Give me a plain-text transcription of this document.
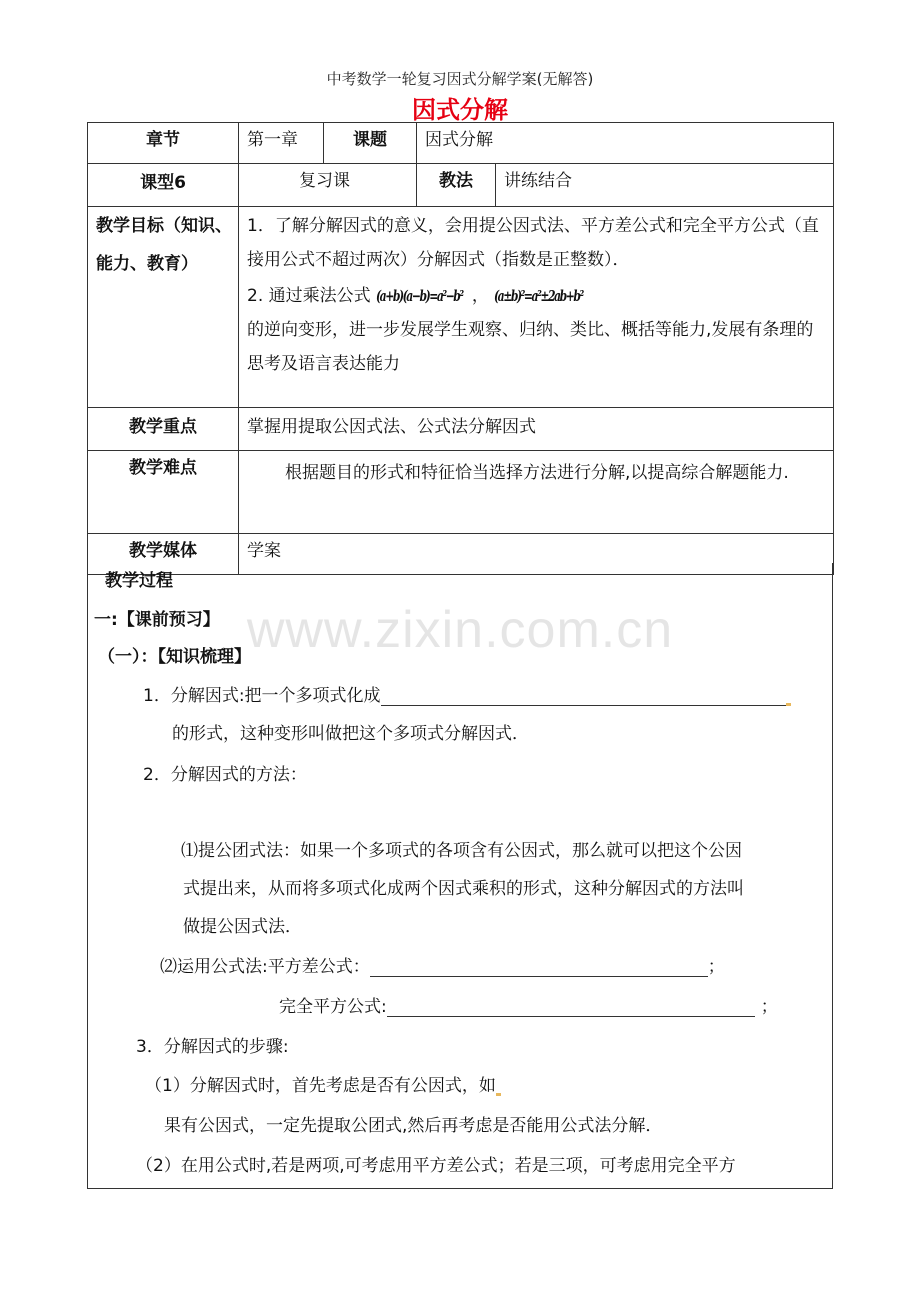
中考数学一轮复习因式分解学案(无解答)
因式分解
章节	第一章	课题	因式分解	
课型6	复习课		教法	讲练结合
教学目标（知识、能力、教育）	1．了解分解因式的意义，会用提公因式法、平方差公式和完全平方公式（直接用公式不超过两次）分解因式（指数是正整数）．
2. 通过乘法公式 (a+b)(a−b)=a²−b² ， (a±b)²=a²±2ab+b²
的逆向变形，进一步发展学生观察、归纳、类比、概括等能力,发展有条理的思考及语言表达能力			

教学重点	掌握用提取公因式法、公式法分解因式			
教学难点	根据题目的形式和特征恰当选择方法进行分解,以提高综合解题能力.			
教学媒体	学案			
www.zixin.com.cn
教学过程
一:【课前预习】
（一）：【知识梳理】
1．分解因式:把一个多项式化成
的形式，这种变形叫做把这个多项式分解因式．
2．分解因式的方法：
⑴提公团式法：如果一个多项式的各项含有公因式，那么就可以把这个公因
式提出来，从而将多项式化成两个因式乘积的形式，这种分解因式的方法叫
做提公因式法．
⑵运用公式法:平方差公式：	；
完全平方公式:	；
3．分解因式的步骤:
（1）分解因式时，首先考虑是否有公因式，如
果有公因式，一定先提取公团式,然后再考虑是否能用公式法分解．
（2）在用公式时,若是两项,可考虑用平方差公式；若是三项，可考虑用完全平方
